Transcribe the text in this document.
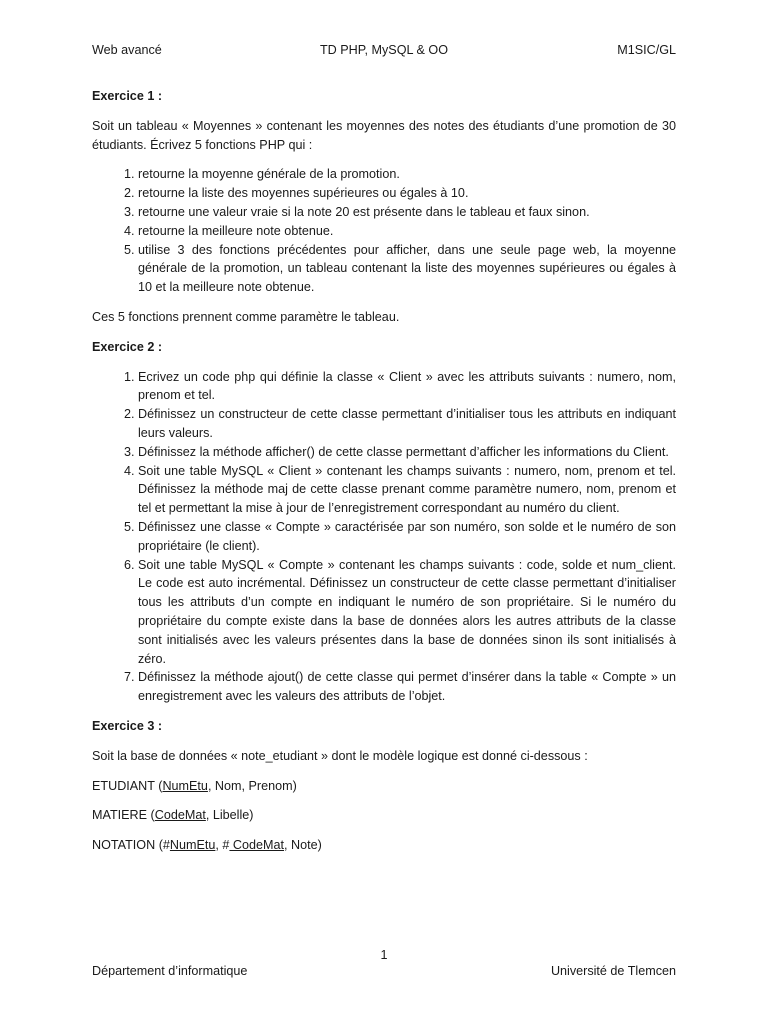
Web avancé	TD PHP, MySQL & OO	M1SIC/GL
Exercice 1 :
Soit un tableau « Moyennes » contenant les moyennes des notes des étudiants d’une promotion de 30 étudiants. Écrivez 5 fonctions PHP qui :
1. retourne la moyenne générale de la promotion.
2. retourne la liste des moyennes supérieures ou égales à 10.
3. retourne une valeur vraie si la note 20 est présente dans le tableau et faux sinon.
4. retourne la meilleure note obtenue.
5. utilise 3 des fonctions précédentes pour afficher, dans une seule page web, la moyenne générale de la promotion, un tableau contenant la liste des moyennes supérieures ou égales à 10 et la meilleure note obtenue.
Ces 5 fonctions prennent comme paramètre le tableau.
Exercice 2 :
1. Ecrivez un code php qui définie la classe « Client » avec les attributs suivants : numero, nom, prenom et tel.
2. Définissez un constructeur de cette classe permettant d’initialiser tous les attributs en indiquant leurs valeurs.
3. Définissez la méthode afficher() de cette classe permettant d’afficher les informations du Client.
4. Soit une table MySQL « Client » contenant les champs suivants : numero, nom, prenom et tel. Définissez la méthode maj de cette classe prenant comme paramètre numero, nom, prenom et tel et permettant la mise à jour de l’enregistrement correspondant au numéro du client.
5. Définissez une classe « Compte » caractérisée par son numéro, son solde et le numéro de son propriétaire (le client).
6. Soit une table MySQL « Compte » contenant les champs suivants : code, solde et num_client. Le code est auto incrémental. Définissez un constructeur de cette classe permettant d’initialiser tous les attributs d’un compte en indiquant le numéro de son propriétaire. Si le numéro du propriétaire du compte existe dans la base de données alors les autres attributs de la classe sont initialisés avec les valeurs présentes dans la base de données sinon ils sont initialisés à zéro.
7. Définissez la méthode ajout() de cette classe qui permet d’insérer dans la table « Compte » un enregistrement avec les valeurs des attributs de l’objet.
Exercice 3 :
Soit la base de données « note_etudiant » dont le modèle logique est donné ci-dessous :
ETUDIANT (NumEtu, Nom, Prenom)
MATIERE (CodeMat, Libelle)
NOTATION (#NumEtu, # CodeMat, Note)
1
Département d’informatique	Université de Tlemcen
